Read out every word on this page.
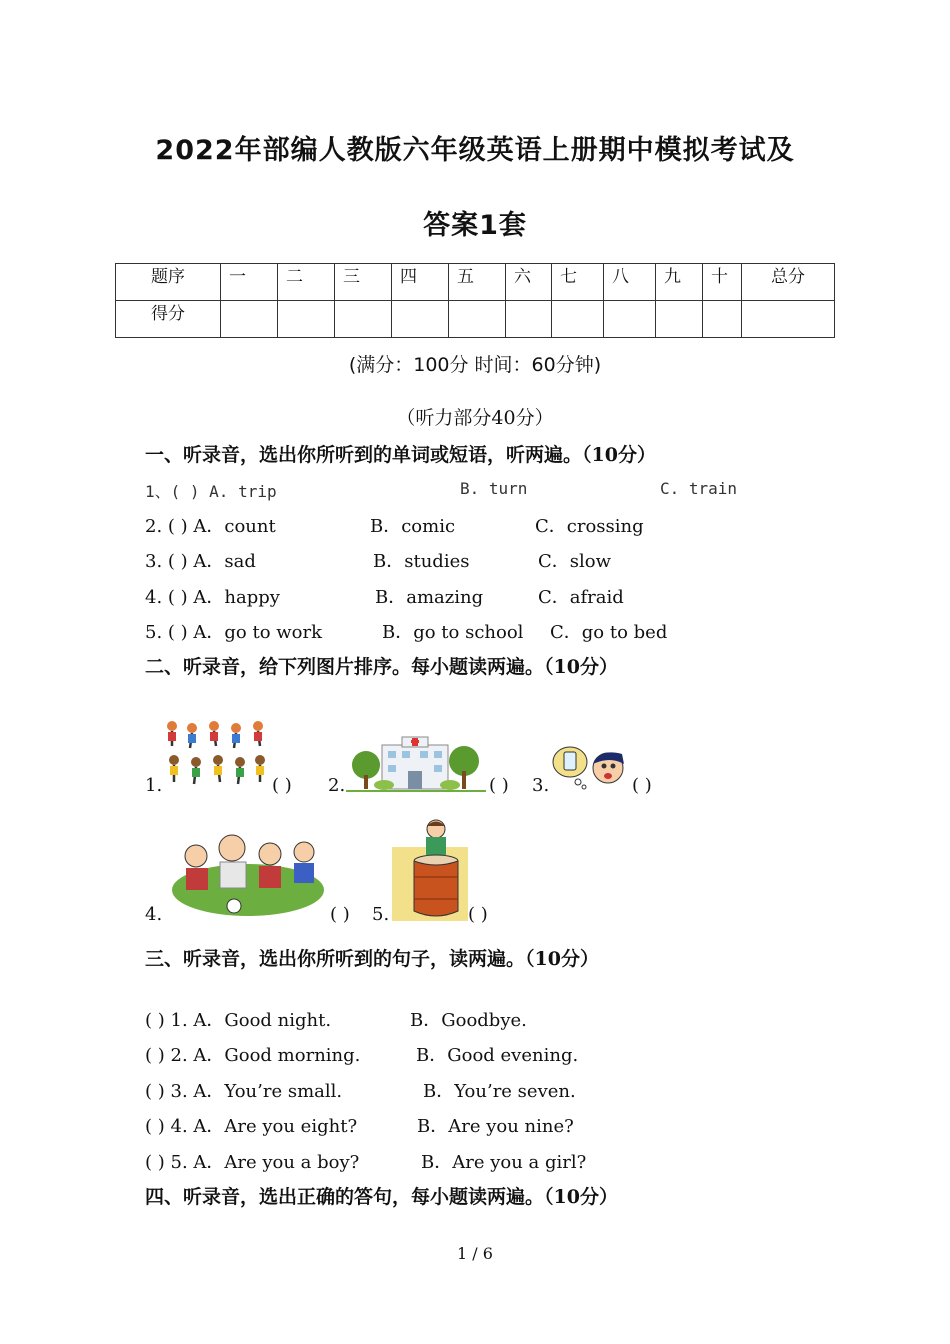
2022年部编人教版六年级英语上册期中模拟考试及
答案1套
题序	一	二	三	四	五	六	七	八	九	十	总分
得分											
(满分：100分 时间：60分钟)
（听力部分40分）
一、听录音，选出你所听到的单词或短语，听两遍。（10分）
1、( ) A. trip	B. turn	C. train
2. ( ) A．count	B．comic	C．crossing
3. ( ) A．sad	B．studies	C．slow
4. ( ) A．happy	B．amazing	C．afraid
5. ( ) A．go to work	B．go to school C．go to bed
二、听录音，给下列图片排序。每小题读两遍。（10分）
1.	( ) 2.	( ) 3.	( )
4.	( ) 5.	( )
三、听录音，选出你所听到的句子，读两遍。（10分）
( ) 1. A．Good night.	B．Goodbye.
( ) 2. A．Good morning.	B．Good evening.
( ) 3. A．You’re small.	B．You’re seven.
( ) 4. A．Are you eight?	B．Are you nine?
( ) 5. A．Are you a boy?	B．Are you a girl?
四、听录音，选出正确的答句，每小题读两遍。（10分）
1 / 6
